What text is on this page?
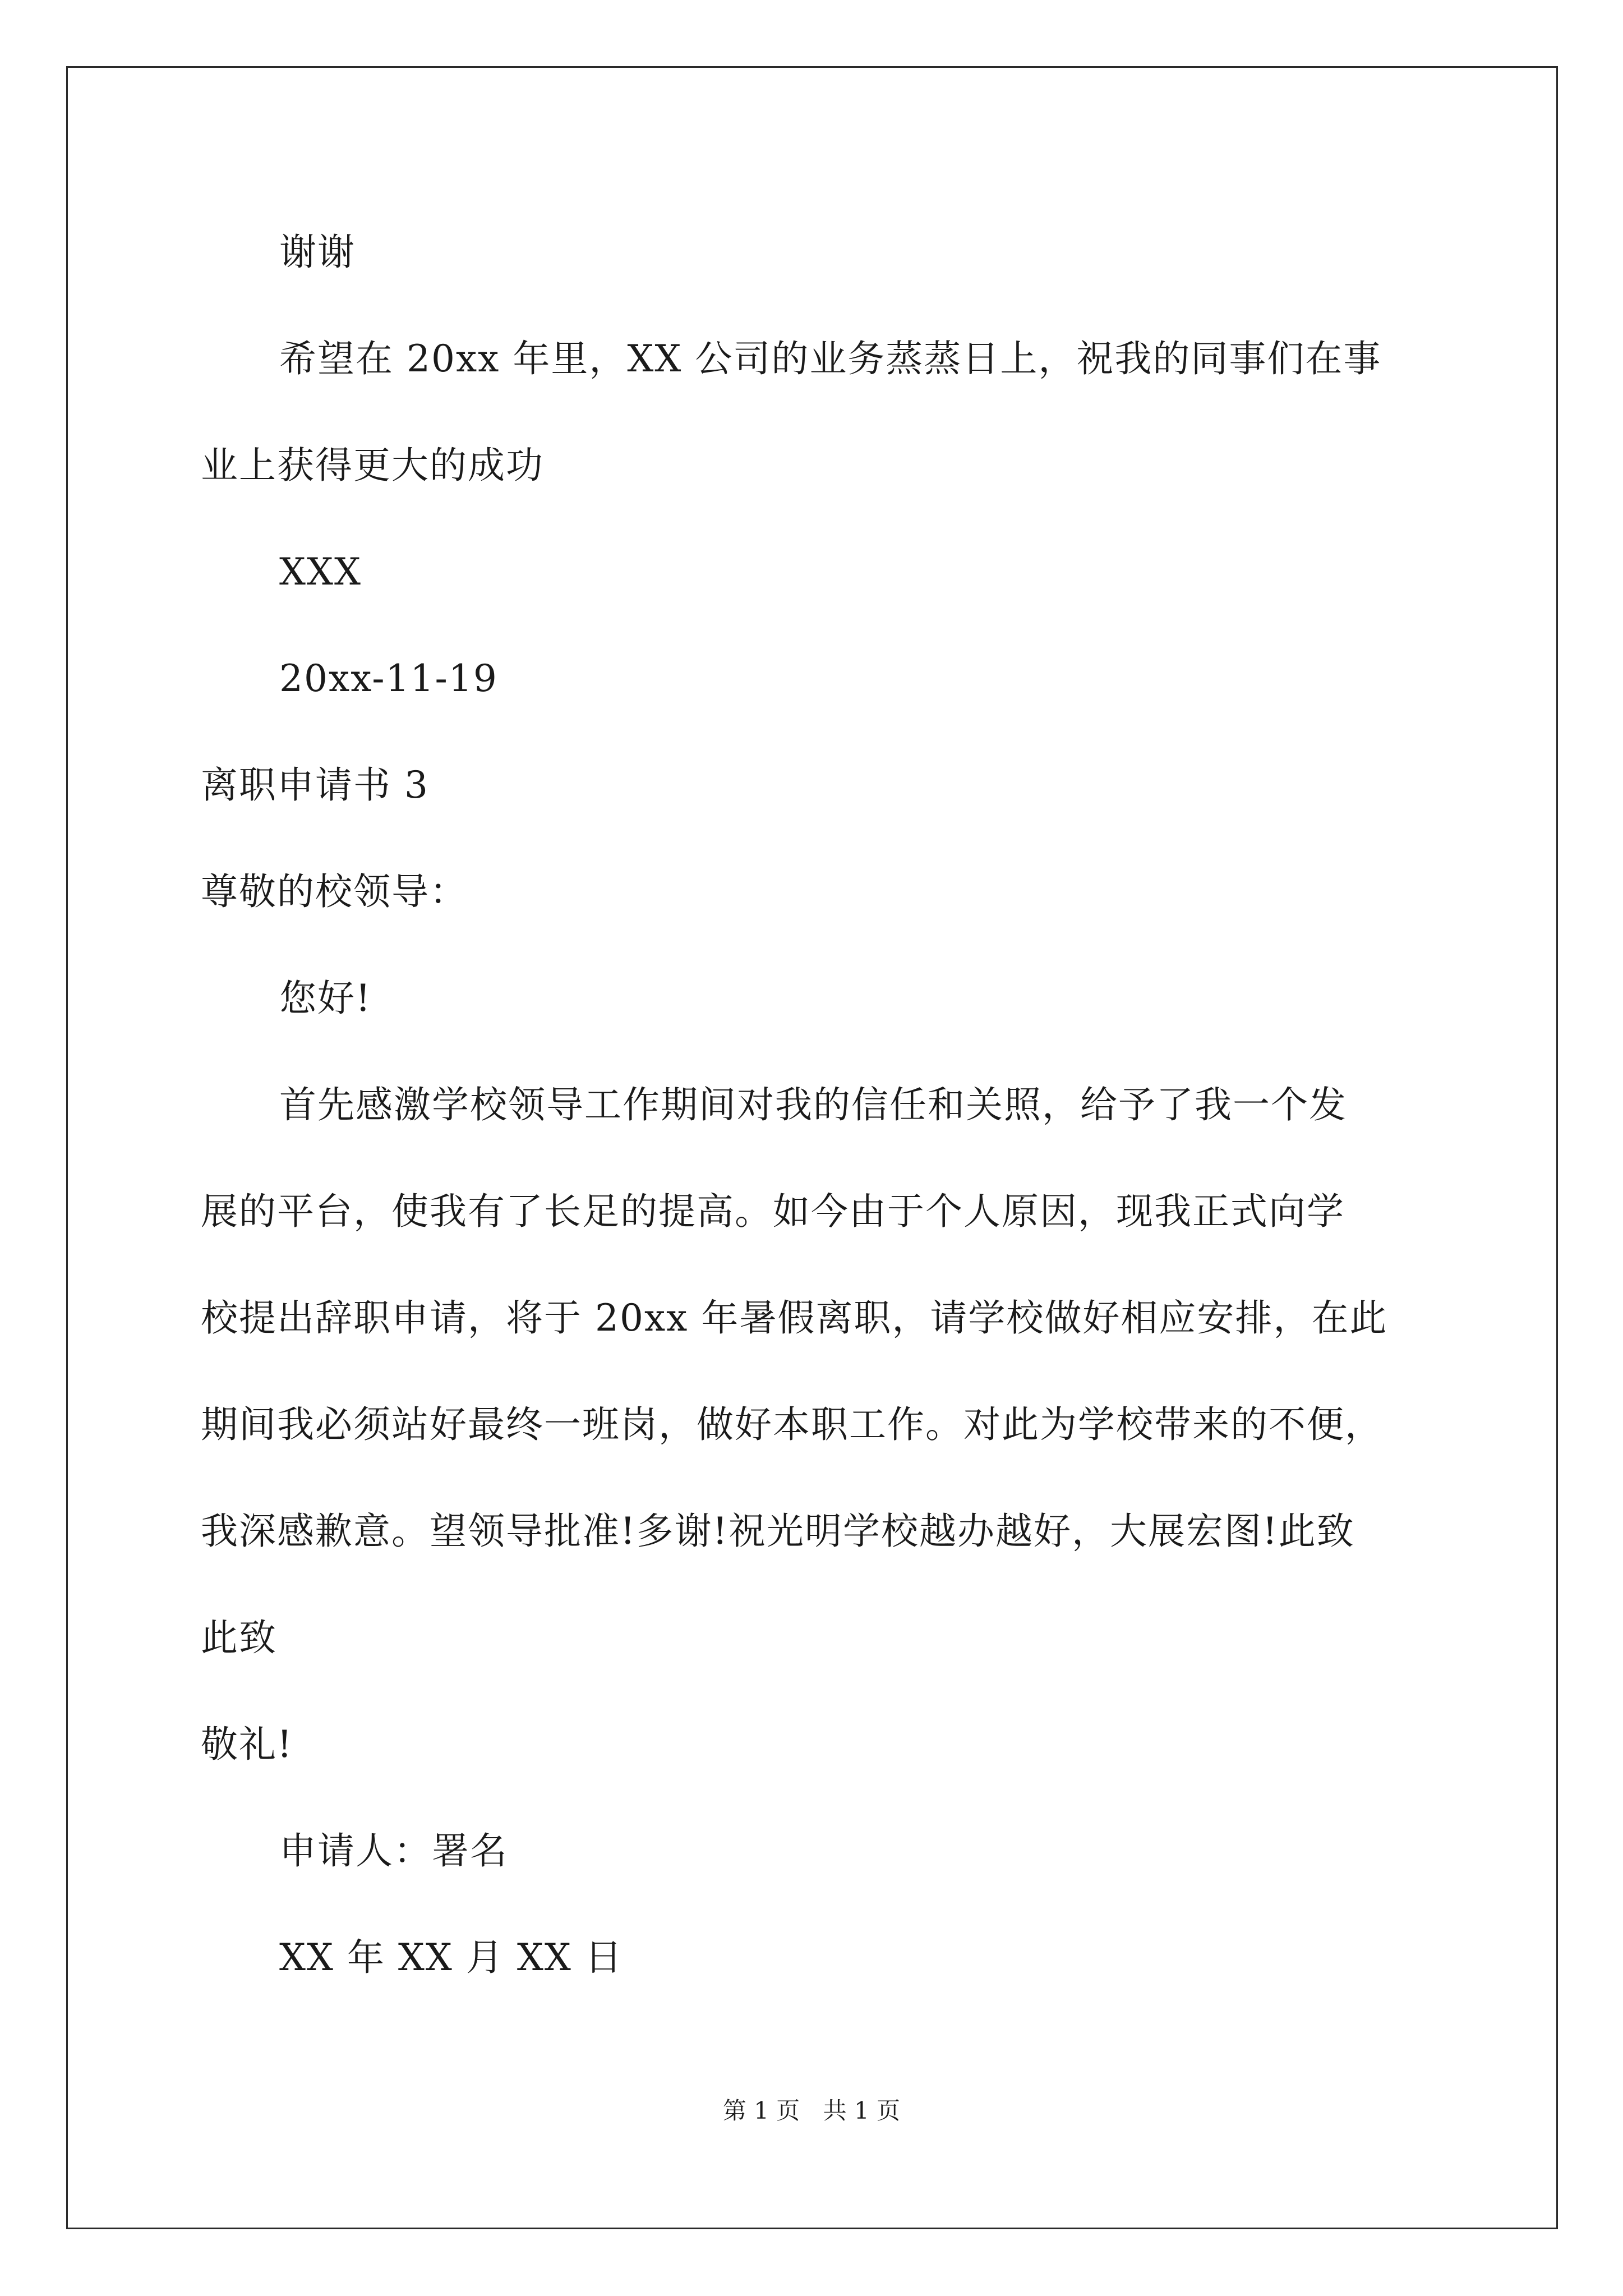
谢谢
希望在 20xx 年里，XX 公司的业务蒸蒸日上，祝我的同事们在事
业上获得更大的成功
XXX
20xx-11-19
离职申请书 3
尊敬的校领导：
您好!
首先感激学校领导工作期间对我的信任和关照，给予了我一个发
展的平台，使我有了长足的提高。如今由于个人原因，现我正式向学
校提出辞职申请，将于 20xx 年暑假离职，请学校做好相应安排，在此
期间我必须站好最终一班岗，做好本职工作。对此为学校带来的不便，
我深感歉意。望领导批准!多谢!祝光明学校越办越好，大展宏图!此致
此致
敬礼!
申请人：署名
XX 年 XX 月 XX 日
第 1 页 共 1 页
